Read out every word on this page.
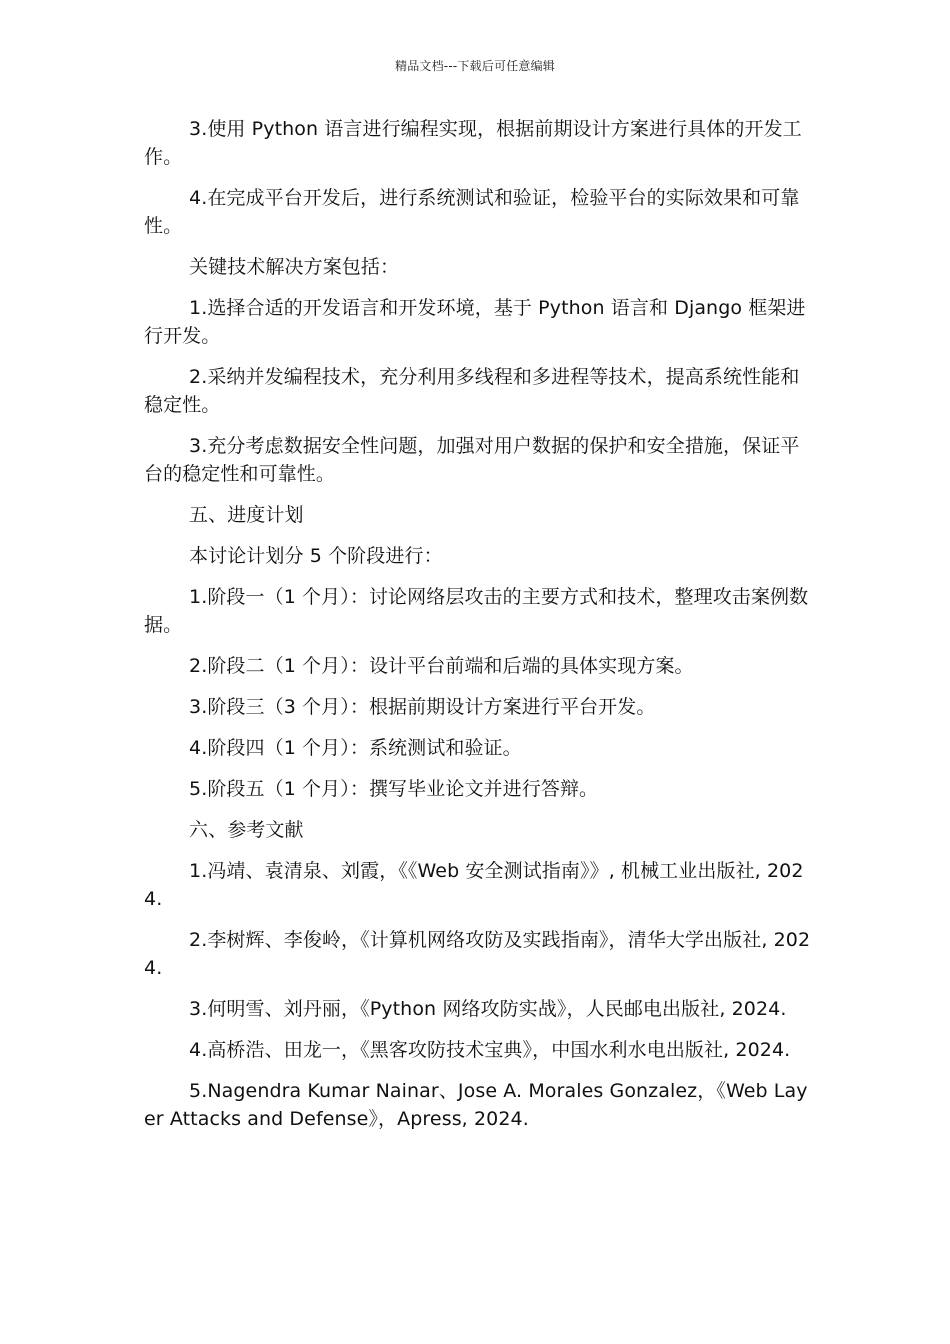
精品文档---下载后可任意编辑

3.使用 Python 语言进行编程实现，根据前期设计方案进行具体的开发工作。

4.在完成平台开发后，进行系统测试和验证，检验平台的实际效果和可靠性。

关键技术解决方案包括：

1.选择合适的开发语言和开发环境，基于 Python 语言和 Django 框架进行开发。

2.采纳并发编程技术，充分利用多线程和多进程等技术，提高系统性能和稳定性。

3.充分考虑数据安全性问题，加强对用户数据的保护和安全措施，保证平台的稳定性和可靠性。

五、进度计划

本讨论计划分 5 个阶段进行：

1.阶段一（1 个月）：讨论网络层攻击的主要方式和技术，整理攻击案例数据。

2.阶段二（1 个月）：设计平台前端和后端的具体实现方案。

3.阶段三（3 个月）：根据前期设计方案进行平台开发。

4.阶段四（1 个月）：系统测试和验证。

5.阶段五（1 个月）：撰写毕业论文并进行答辩。

六、参考文献

1.冯靖、袁清泉、刘霞，《《Web 安全测试指南》》, 机械工业出版社, 2024.

2.李树辉、李俊岭，《计算机网络攻防及实践指南》，清华大学出版社, 2024.

3.何明雪、刘丹丽，《Python 网络攻防实战》，人民邮电出版社, 2024.

4.高桥浩、田龙一，《黑客攻防技术宝典》，中国水利水电出版社, 2024.

5.Nagendra Kumar Nainar、Jose A. Morales Gonzalez，《Web Layer Attacks and Defense》，Apress, 2024.
